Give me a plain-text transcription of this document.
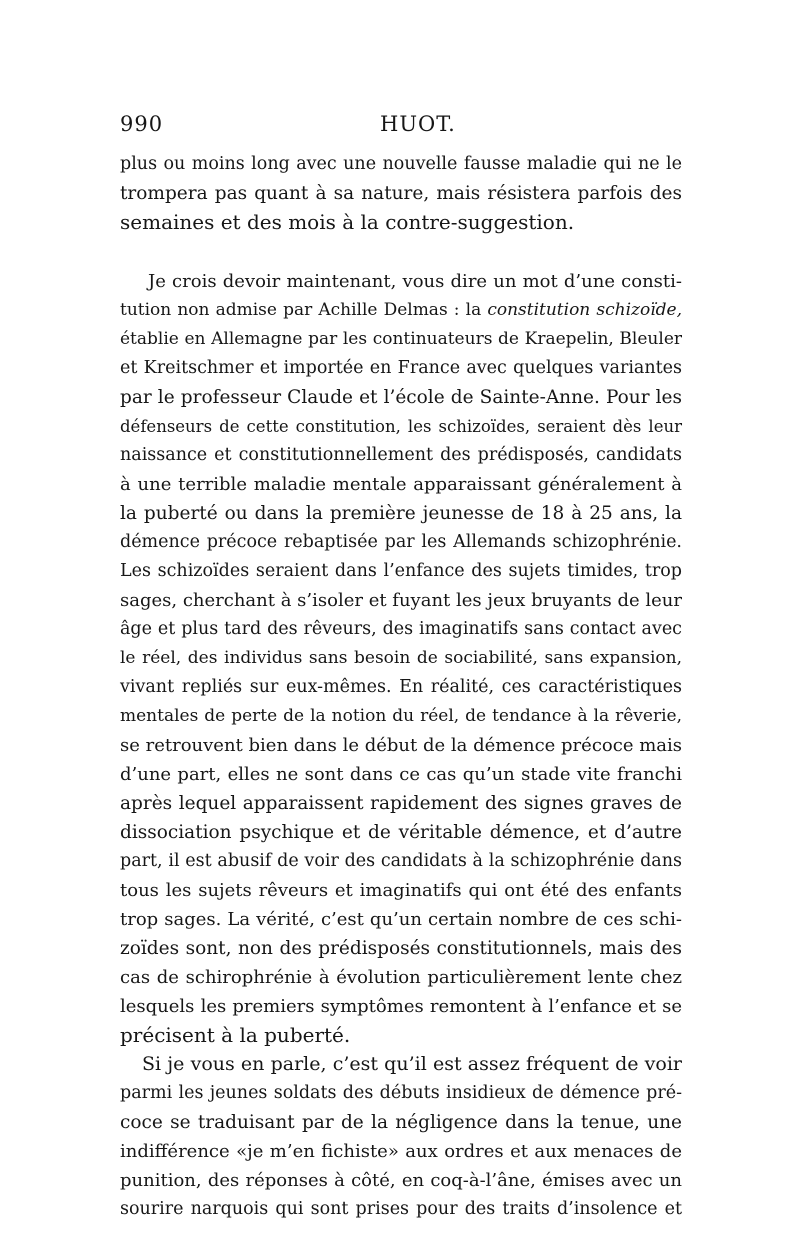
990	HUOT.
plus ou moins long avec une nouvelle fausse maladie qui ne le
trompera pas quant à sa nature, mais résistera parfois des
semaines et des mois à la contre-suggestion.
Je crois devoir maintenant, vous dire un mot d’une consti-
tution non admise par Achille Delmas : la constitution schizoïde,
établie en Allemagne par les continuateurs de Kraepelin, Bleuler
et Kreitschmer et importée en France avec quelques variantes
par le professeur Claude et l’école de Sainte-Anne. Pour les
défenseurs de cette constitution, les schizoïdes, seraient dès leur
naissance et constitutionnellement des prédisposés, candidats
à une terrible maladie mentale apparaissant généralement à
la puberté ou dans la première jeunesse de 18 à 25 ans, la
démence précoce rebaptisée par les Allemands schizophrénie.
Les schizoïdes seraient dans l’enfance des sujets timides, trop
sages, cherchant à s’isoler et fuyant les jeux bruyants de leur
âge et plus tard des rêveurs, des imaginatifs sans contact avec
le réel, des individus sans besoin de sociabilité, sans expansion,
vivant repliés sur eux-mêmes. En réalité, ces caractéristiques
mentales de perte de la notion du réel, de tendance à la rêverie,
se retrouvent bien dans le début de la démence précoce mais
d’une part, elles ne sont dans ce cas qu’un stade vite franchi
après lequel apparaissent rapidement des signes graves de
dissociation psychique et de véritable démence, et d’autre
part, il est abusif de voir des candidats à la schizophrénie dans
tous les sujets rêveurs et imaginatifs qui ont été des enfants
trop sages. La vérité, c’est qu’un certain nombre de ces schi-
zoïdes sont, non des prédisposés constitutionnels, mais des
cas de schirophrénie à évolution particulièrement lente chez
lesquels les premiers symptômes remontent à l’enfance et se
précisent à la puberté.
Si je vous en parle, c’est qu’il est assez fréquent de voir
parmi les jeunes soldats des débuts insidieux de démence pré-
coce se traduisant par de la négligence dans la tenue, une
indifférence «je m’en fichiste» aux ordres et aux menaces de
punition, des réponses à côté, en coq-à-l’âne, émises avec un
sourire narquois qui sont prises pour des traits d’insolence et
